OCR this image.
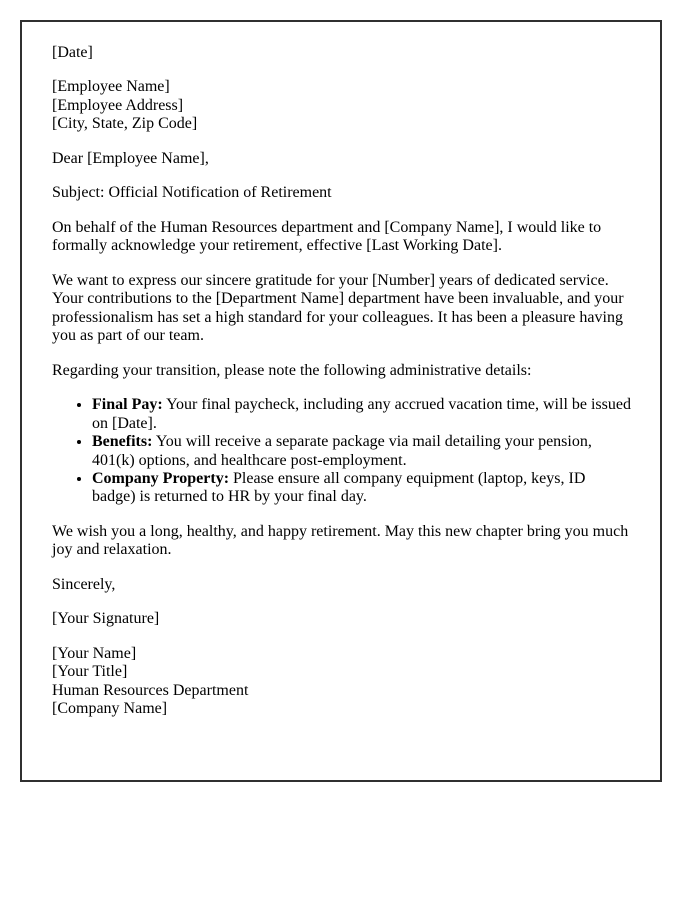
[Date]

[Employee Name]
[Employee Address]
[City, State, Zip Code]

Dear [Employee Name],

Subject: Official Notification of Retirement

On behalf of the Human Resources department and [Company Name], I would like to formally acknowledge your retirement, effective [Last Working Date].

We want to express our sincere gratitude for your [Number] years of dedicated service. Your contributions to the [Department Name] department have been invaluable, and your professionalism has set a high standard for your colleagues. It has been a pleasure having you as part of our team.

Regarding your transition, please note the following administrative details:

• Final Pay: Your final paycheck, including any accrued vacation time, will be issued on [Date].
• Benefits: You will receive a separate package via mail detailing your pension, 401(k) options, and healthcare post-employment.
• Company Property: Please ensure all company equipment (laptop, keys, ID badge) is returned to HR by your final day.

We wish you a long, healthy, and happy retirement. May this new chapter bring you much joy and relaxation.

Sincerely,

[Your Signature]

[Your Name]
[Your Title]
Human Resources Department
[Company Name]
